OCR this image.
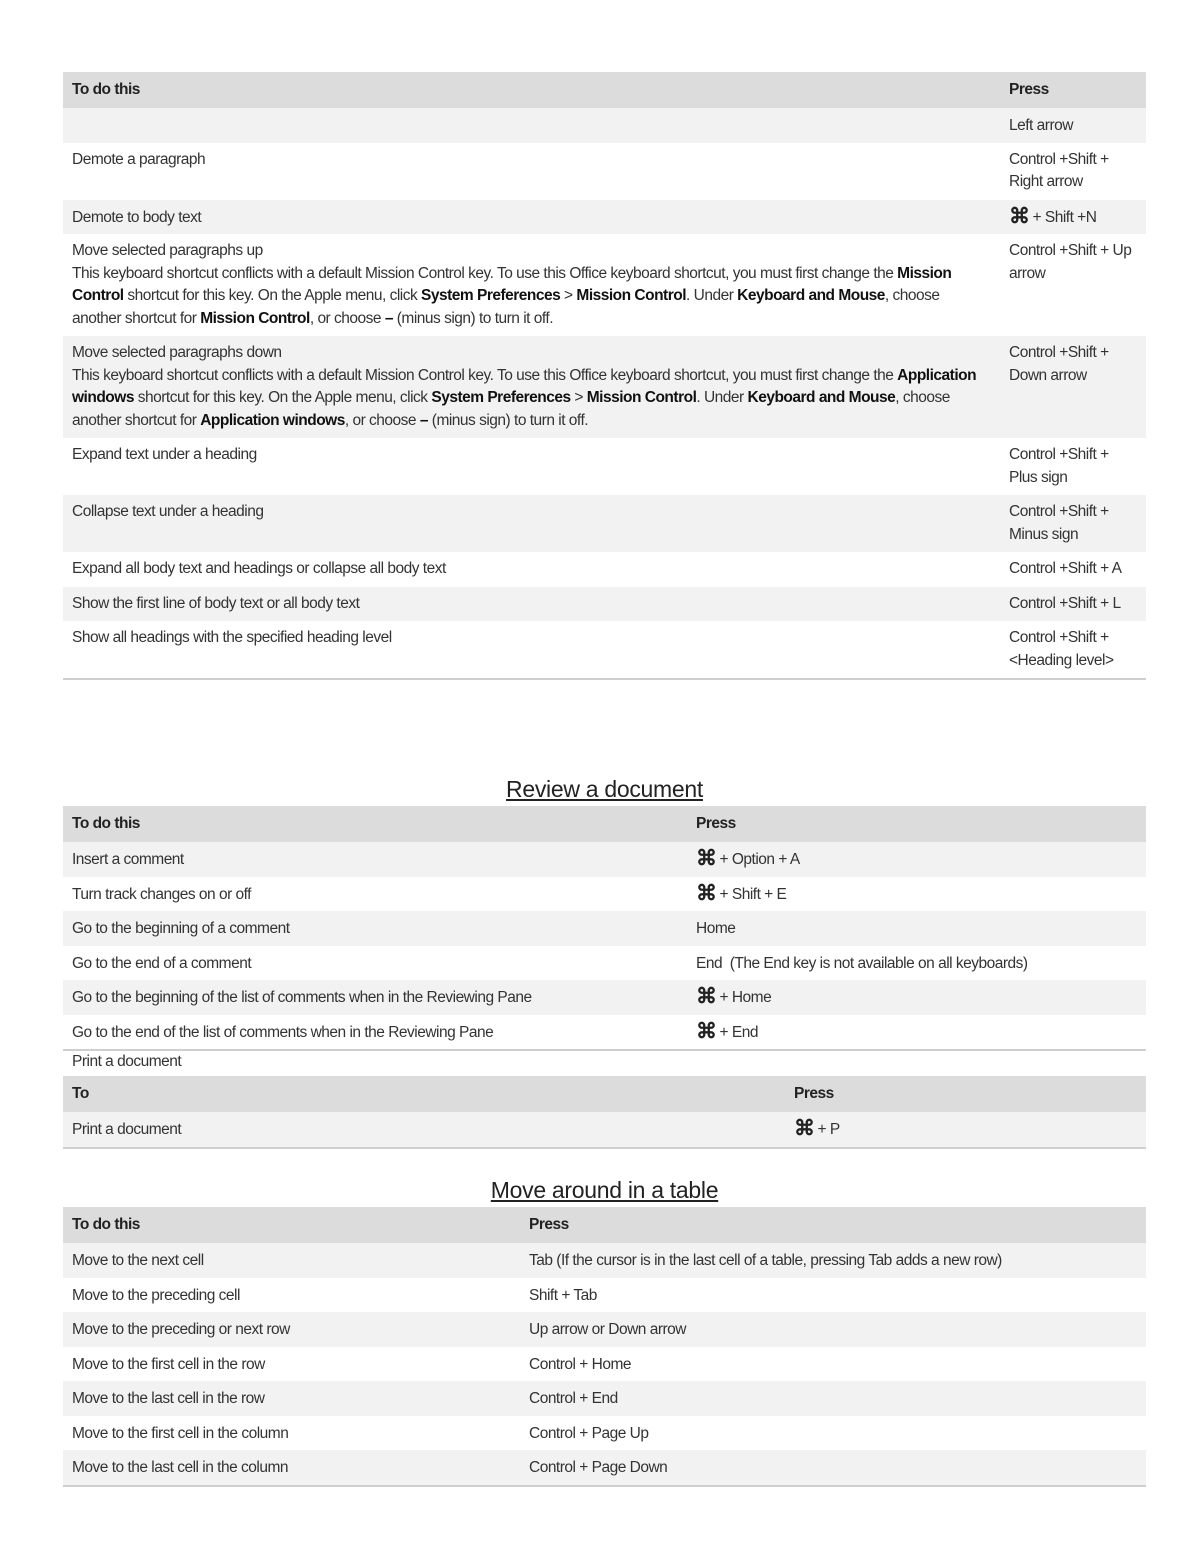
To do this	Press
	Left arrow
Demote a paragraph	Control +Shift + Right arrow
Demote to body text	⌘ + Shift +N

Move selected paragraphs up
This keyboard shortcut conflicts with a default Mission Control key. To use this Office keyboard shortcut, you must first change the Mission Control shortcut for this key. On the Apple menu, click System Preferences > Mission Control. Under Keyboard and Mouse, choose another shortcut for Mission Control, or choose – (minus sign) to turn it off.	Control +Shift + Up arrow

Move selected paragraphs down
This keyboard shortcut conflicts with a default Mission Control key. To use this Office keyboard shortcut, you must first change the Application windows shortcut for this key. On the Apple menu, click System Preferences > Mission Control. Under Keyboard and Mouse, choose another shortcut for Application windows, or choose – (minus sign) to turn it off.	Control +Shift + Down arrow
Expand text under a heading	Control +Shift + Plus sign
Collapse text under a heading	Control +Shift + Minus sign
Expand all body text and headings or collapse all body text	Control +Shift + A
Show the first line of body text or all body text	Control +Shift + L
Show all headings with the specified heading level	Control +Shift +<Heading level>
Review a document
To do this	Press
Insert a comment	⌘ + Option + A
Turn track changes on or off	⌘ + Shift + E
Go to the beginning of a comment	Home
Go to the end of a comment	End  (The End key is not available on all keyboards)
Go to the beginning of the list of comments when in the Reviewing Pane	⌘ + Home
Go to the end of the list of comments when in the Reviewing Pane	⌘ + End
Print a document
To	Press
Print a document	⌘ + P
Move around in a table
To do this	Press
Move to the next cell	Tab (If the cursor is in the last cell of a table, pressing Tab adds a new row)
Move to the preceding cell	Shift + Tab
Move to the preceding or next row	Up arrow or Down arrow
Move to the first cell in the row	Control + Home
Move to the last cell in the row	Control + End
Move to the first cell in the column	Control + Page Up
Move to the last cell in the column	Control + Page Down
